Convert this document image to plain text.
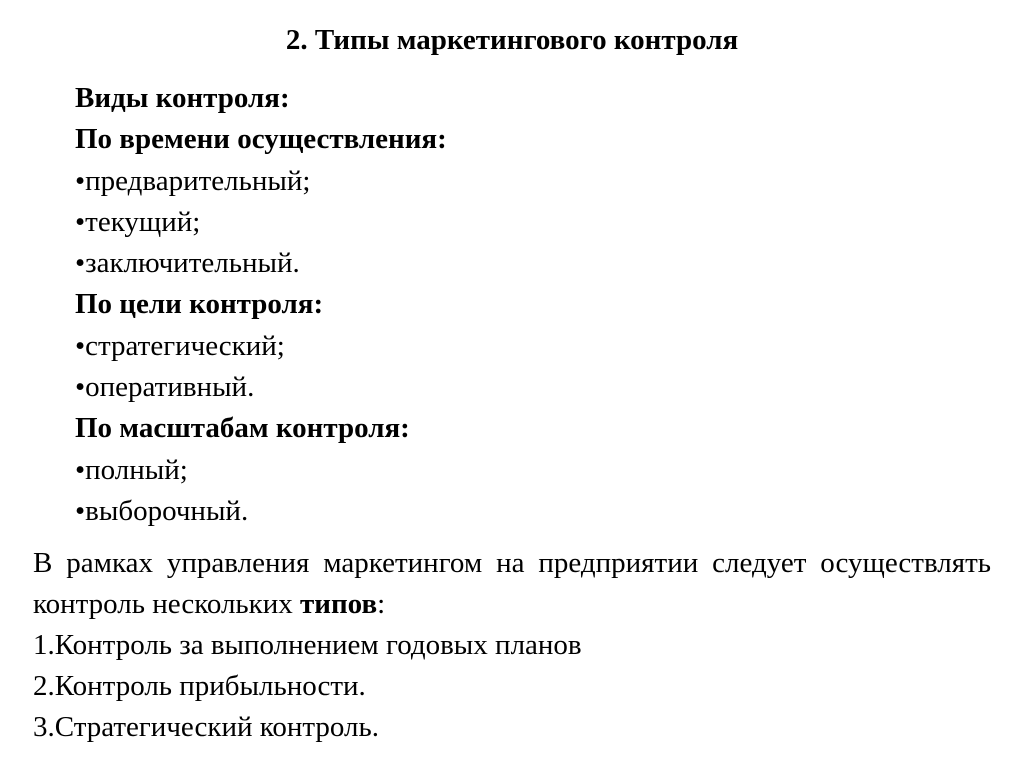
2. Типы маркетингового контроля
Виды контроля:
По времени осуществления:
•предварительный;
•текущий;
•заключительный.
По цели контроля:
•стратегический;
•оперативный.
По масштабам контроля:
•полный;
•выборочный.
В рамках управления маркетингом на предприятии следует осуществлять контроль нескольких типов:
1.Контроль за выполнением годовых планов
2.Контроль прибыльности.
3.Стратегический контроль.
